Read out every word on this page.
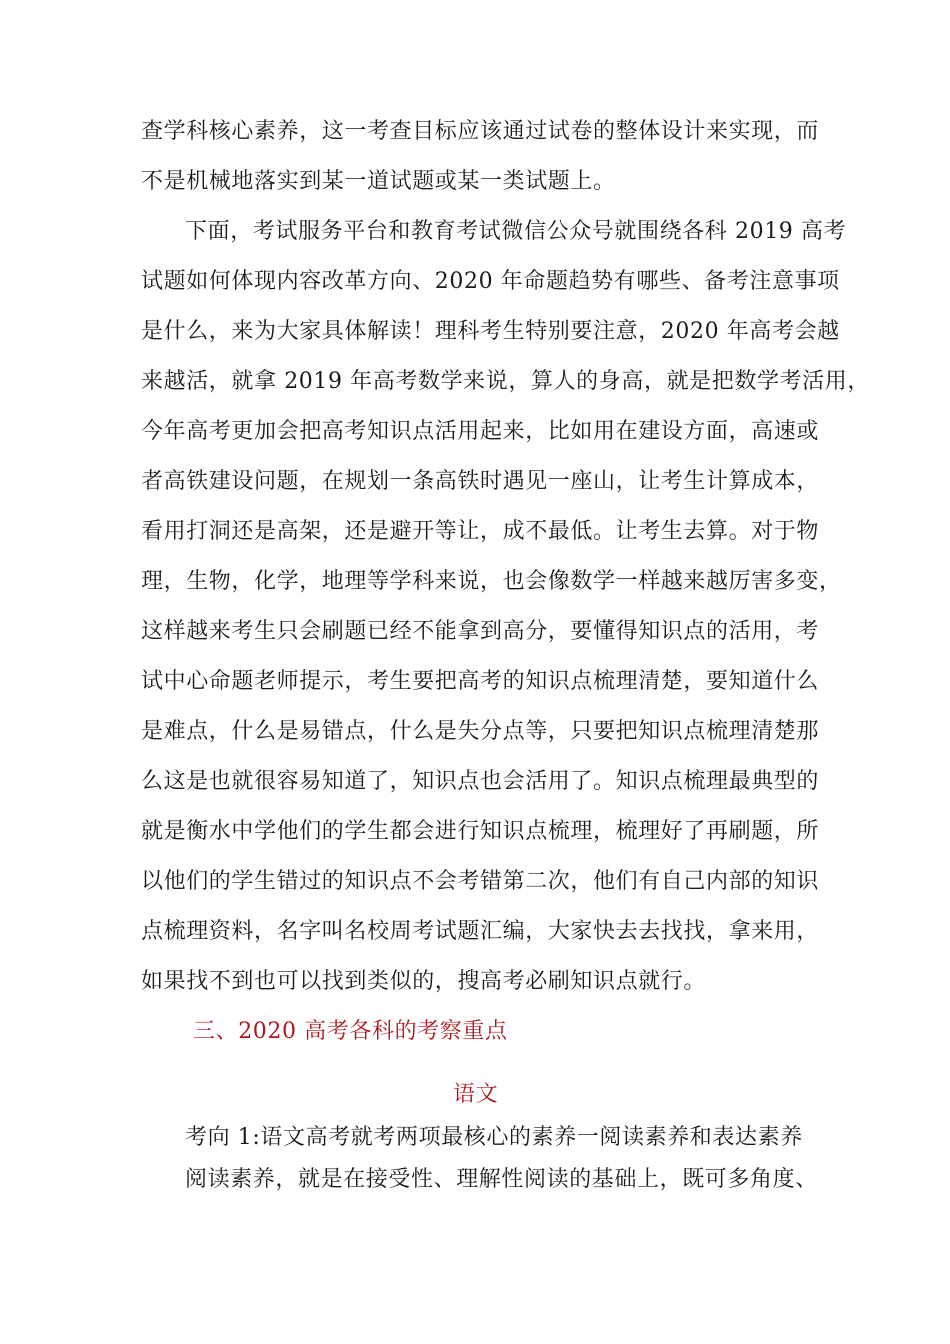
查学科核心素养，这一考查目标应该通过试卷的整体设计来实现，而
不是机械地落实到某一道试题或某一类试题上。
下面，考试服务平台和教育考试微信公众号就围绕各科 2019 高考
试题如何体现内容改革方向、2020 年命题趋势有哪些、备考注意事项
是什么，来为大家具体解读！理科考生特别要注意，2020 年高考会越
来越活，就拿 2019 年高考数学来说，算人的身高，就是把数学考活用，
今年高考更加会把高考知识点活用起来，比如用在建设方面，高速或
者高铁建设问题，在规划一条高铁时遇见一座山，让考生计算成本，
看用打洞还是高架，还是避开等让，成不最低。让考生去算。对于物
理，生物，化学，地理等学科来说，也会像数学一样越来越厉害多变，
这样越来考生只会刷题已经不能拿到高分，要懂得知识点的活用，考
试中心命题老师提示，考生要把高考的知识点梳理清楚，要知道什么
是难点，什么是易错点，什么是失分点等，只要把知识点梳理清楚那
么这是也就很容易知道了，知识点也会活用了。知识点梳理最典型的
就是衡水中学他们的学生都会进行知识点梳理，梳理好了再刷题，所
以他们的学生错过的知识点不会考错第二次，他们有自己内部的知识
点梳理资料，名字叫名校周考试题汇编，大家快去去找找，拿来用，
如果找不到也可以找到类似的，搜高考必刷知识点就行。
三、2020 高考各科的考察重点
语文
考向 1:语文高考就考两项最核心的素养一阅读素养和表达素养
阅读素养，就是在接受性、理解性阅读的基础上，既可多角度、
